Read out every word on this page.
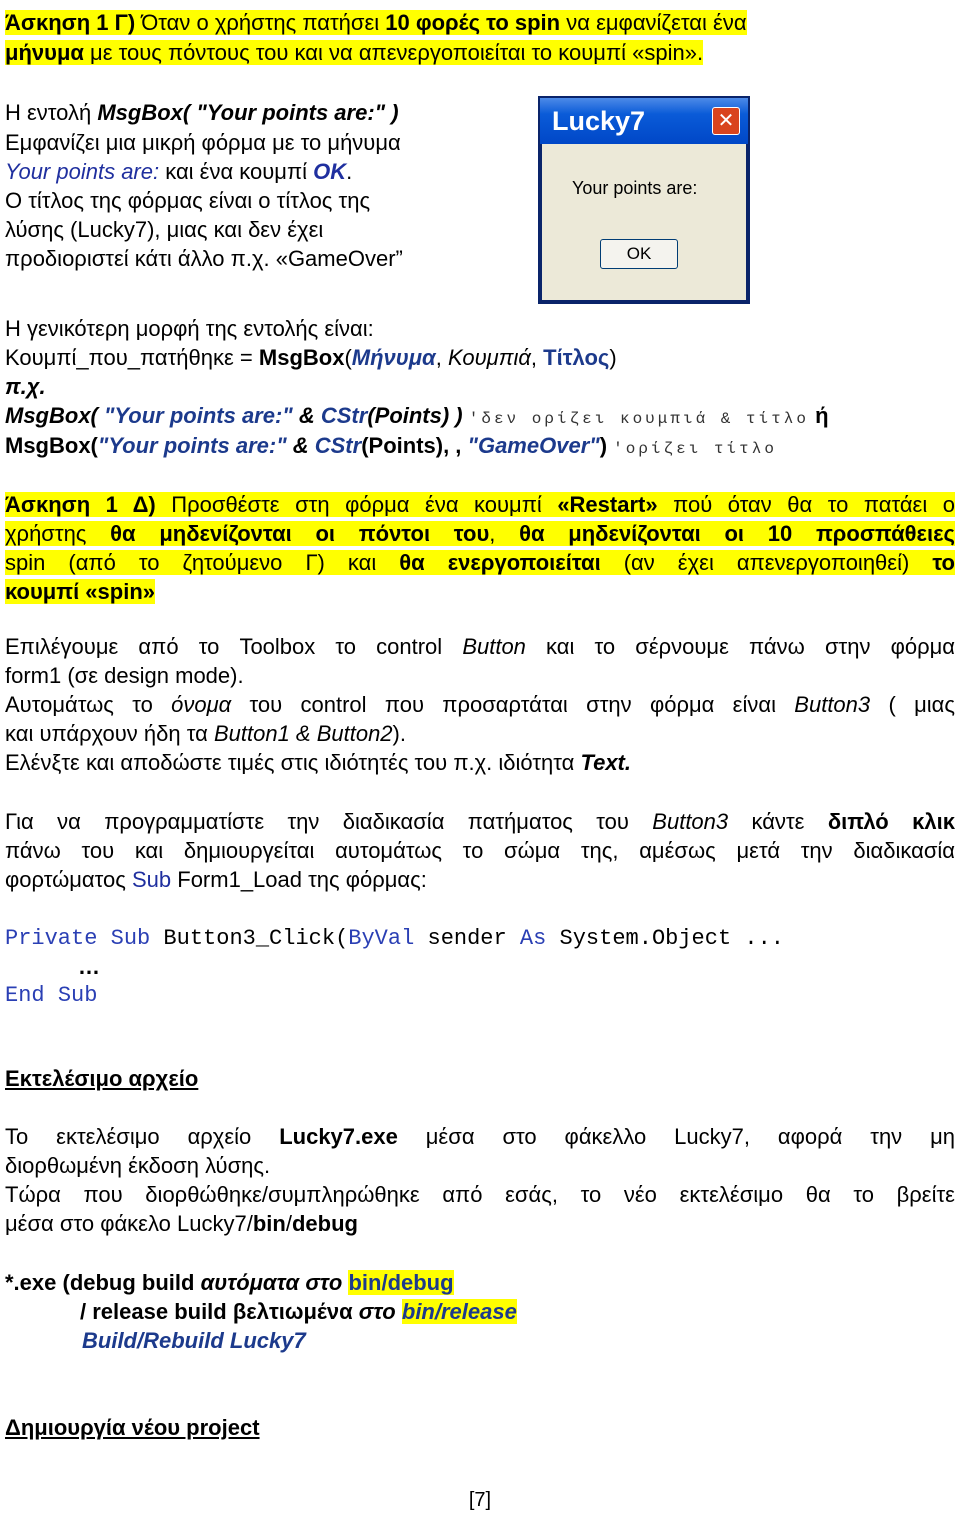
Άσκηση 1 Γ) Όταν ο χρήστης πατήσει 10 φορές το spin να εμφανίζεται ένα
μήνυμα με τους πόντους του και να απενεργοποιείται το κουμπί «spin».
Η εντολή MsgBox( "Your points are:" )
Εμφανίζει μια μικρή φόρμα με το μήνυμα
Your points are: και ένα κουμπί OK.
Ο τίτλος της φόρμας είναι ο τίτλος της
λύσης (Lucky7), μιας και δεν έχει
προδιοριστεί κάτι άλλο π.χ. «GameOver”
Lucky7	✕
Your points are:
OK
Η γενικότερη μορφή της εντολής είναι:
Κουμπί_που_πατήθηκε = MsgBox(Μήνυμα, Κουμπιά, Τίτλος)
π.χ.
MsgBox( "Your points are:" & CStr(Points) ) 'δεν ορίζει κουμπιά & τίτλο ή
MsgBox("Your points are:" & CStr(Points), , "GameOver") 'ορίζει τίτλο
Άσκηση 1 Δ) Προσθέστε στη φόρμα ένα κουμπί «Restart» πού όταν θα το πατάει ο
χρήστης θα μηδενίζονται οι πόντοι του, θα μηδενίζονται οι 10 προσπάθειες
spin (από το ζητούμενο Γ) και θα ενεργοποιείται (αν έχει απενεργοποιηθεί) το
κουμπί «spin»
Επιλέγουμε από το Toolbox το control Button και το σέρνουμε πάνω στην φόρμα
form1 (σε design mode).
Αυτομάτως το όνομα του control που προσαρτάται στην φόρμα είναι Button3 ( μιας
και υπάρχουν ήδη τα Button1 & Button2).
Ελένξτε και αποδώστε τιμές στις ιδιότητές του π.χ. ιδιότητα Text.
Για να προγραμματίστε την διαδικασία πατήματος του Button3 κάντε διπλό κλικ
πάνω του και δημιουργείται αυτομάτως το σώμα της, αμέσως μετά την διαδικασία
φορτώματος Sub Form1_Load της φόρμας:
Private Sub Button3_Click(ByVal sender As System.Object ...
…
End Sub
Εκτελέσιμο αρχείο
Το εκτελέσιμο αρχείο Lucky7.exe μέσα στο φάκελλο Lucky7, αφορά την μη
διορθωμένη έκδοση λύσης.
Τώρα που διορθώθηκε/συμπληρώθηκε από εσάς, το νέο εκτελέσιμο θα το βρείτε
μέσα στο φάκελο Lucky7/bin/debug
*.exe (debug build αυτόματα στο bin/debug
/ release build βελτιωμένα στο bin/release
Build/Rebuild Lucky7
Δημιουργία νέου project
[7]
